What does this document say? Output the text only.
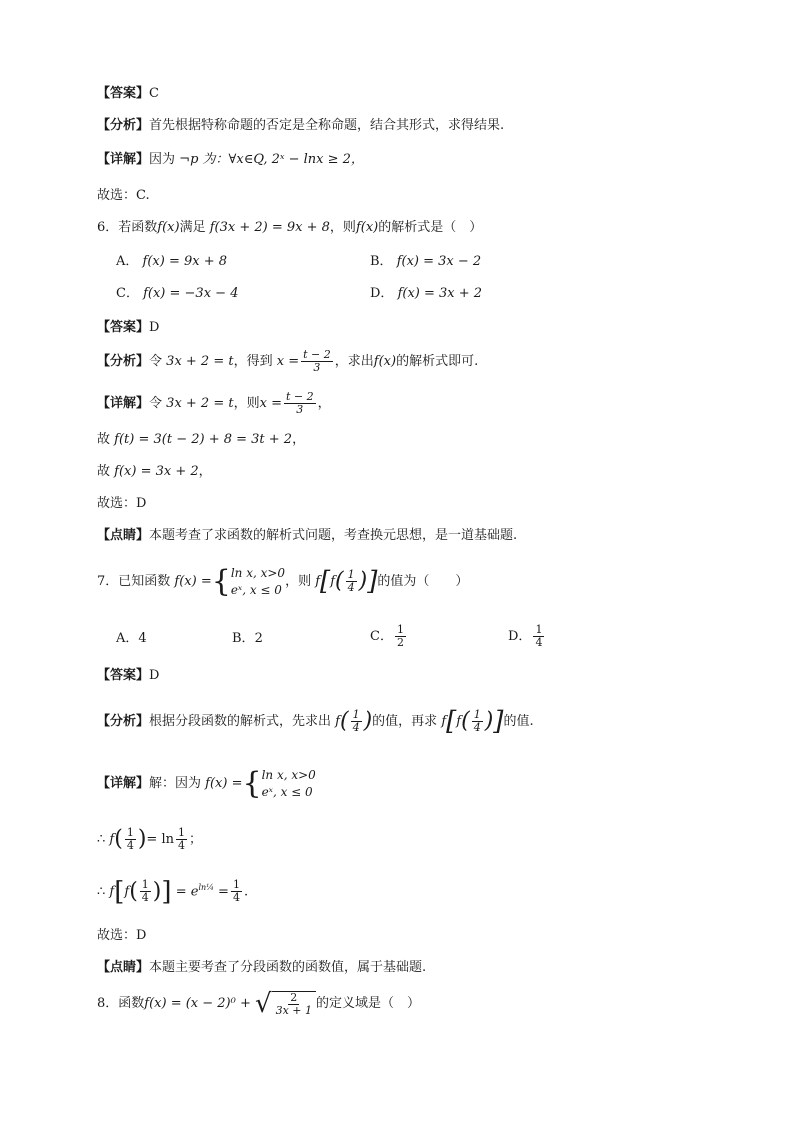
【答案】C
【分析】首先根据特称命题的否定是全称命题，结合其形式，求得结果.
【详解】因为 ¬p 为：∀x∈Q, 2ˣ − lnx ≥ 2，
故选：C.
6．若函数f(x)满足 f(3x + 2) = 9x + 8，则f(x)的解析式是（　）
A． f(x) = 9x + 8	B． f(x) = 3x − 2
C． f(x) = −3x − 4	D． f(x) = 3x + 2
【答案】D
【分析】令 3x + 2 = t，得到 $x = \frac{t - 2}{3}$ ，求出f(x)的解析式即可.
【详解】令 3x + 2 = t，则$x = \frac{t - 2}{3}$ ，
故 f(t) = 3(t − 2) + 8 = 3t + 2，
故 f(x) = 3x + 2，
故选：D
【点睛】本题考查了求函数的解析式问题，考查换元思想，是一道基础题.
7．已知函数 f(x) = { ln x, x>0
eˣ, x ≤ 0
，则 $f[f( \frac{1}{4}$ )]的值为（　　）
A．4	B．2	C． $\frac{1}{2}$	D． $\frac{1}{4}$
【答案】D
【分析】根据分段函数的解析式，先求出 $f( \frac{1}{4}$ )的值，再求 $f[f( \frac{1}{4}$ )]的值.
【详解】解：因为 f(x) = { ln x, x>0
eˣ, x ≤ 0
∴ $f( \frac{1}{4}$ )= $\ln \frac{1}{4}$ ；
∴ $f[f( \frac{1}{4}$ )] = $e^{ln\frac{1}{4}} = \frac{1}{4}$ .
故选：D
【点睛】本题主要考查了分段函数的函数值，属于基础题.
8．函数f(x) = (x − 2)⁰ + √ $\frac{2}{3x + 1}$ 的定义域是（　）
